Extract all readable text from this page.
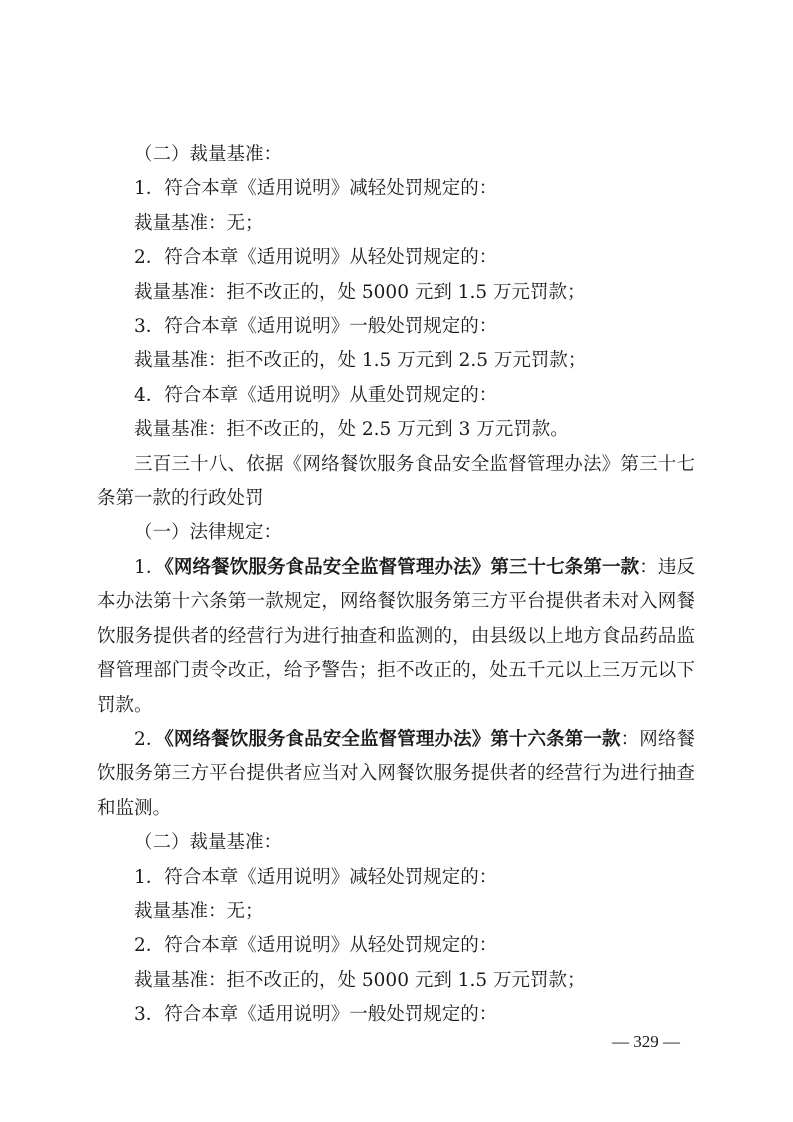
（二）裁量基准：

1．符合本章《适用说明》减轻处罚规定的：

裁量基准：无；

2．符合本章《适用说明》从轻处罚规定的：

裁量基准：拒不改正的，处 5000 元到 1.5 万元罚款；

3．符合本章《适用说明》一般处罚规定的：

裁量基准：拒不改正的，处 1.5 万元到 2.5 万元罚款；

4．符合本章《适用说明》从重处罚规定的：

裁量基准：拒不改正的，处 2.5 万元到 3 万元罚款。

三百三十八、依据《网络餐饮服务食品安全监督管理办法》第三十七条第一款的行政处罚

（一）法律规定：

1．《网络餐饮服务食品安全监督管理办法》第三十七条第一款：违反本办法第十六条第一款规定，网络餐饮服务第三方平台提供者未对入网餐饮服务提供者的经营行为进行抽查和监测的，由县级以上地方食品药品监督管理部门责令改正，给予警告；拒不改正的，处五千元以上三万元以下罚款。

2．《网络餐饮服务食品安全监督管理办法》第十六条第一款：网络餐饮服务第三方平台提供者应当对入网餐饮服务提供者的经营行为进行抽查和监测。

（二）裁量基准：

1．符合本章《适用说明》减轻处罚规定的：

裁量基准：无；

2．符合本章《适用说明》从轻处罚规定的：

裁量基准：拒不改正的，处 5000 元到 1.5 万元罚款；

3．符合本章《适用说明》一般处罚规定的：

— 329 —
